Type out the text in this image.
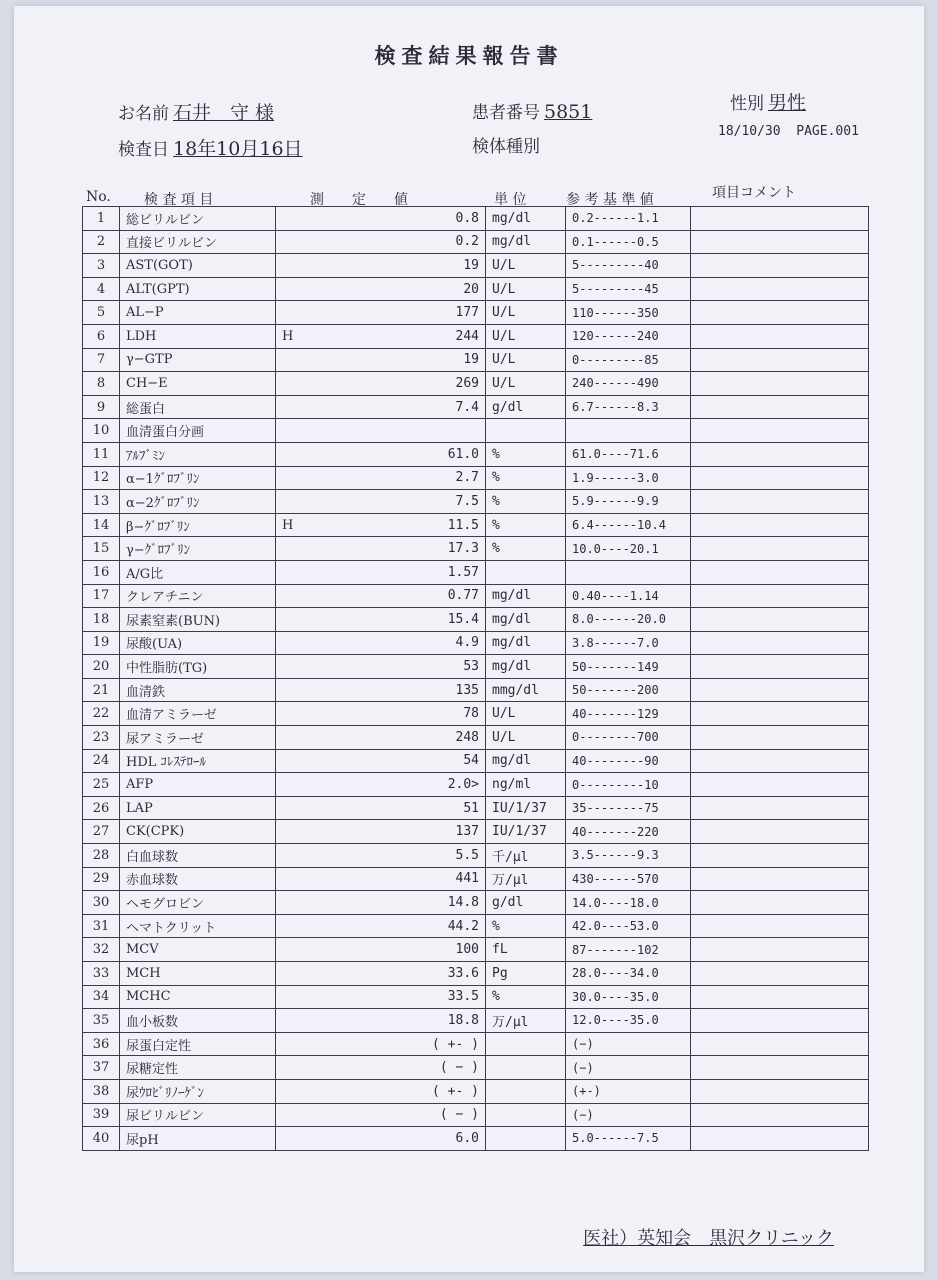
検査結果報告書
お名前 石井　守 様
検査日 18年10月16日
患者番号 5851
検体種別
性別 男性
18/10/30 PAGE.001
No. 検 査 項 目	測　　定　　値	単 位	参 考 基 準 値	項目コメント
1	総ビリルビン		0.8	mg/dl	0.2------1.1	
2	直接ビリルビン		0.2	mg/dl	0.1------0.5	
3	AST(GOT)		19	U/L	5---------40	
4	ALT(GPT)		20	U/L	5---------45	
5	AL−P		177	U/L	110------350	
6	LDH	H	244	U/L	120------240	
7	γ−GTP		19	U/L	0---------85	
8	CH−E		269	U/L	240------490	
9	総蛋白		7.4	g/dl	6.7------8.3	
10	血清蛋白分画					
11	ｱﾙﾌﾞﾐﾝ		61.0	%	61.0----71.6	
12	α−1ｸﾞﾛﾌﾞﾘﾝ		2.7	%	1.9------3.0	
13	α−2ｸﾞﾛﾌﾞﾘﾝ		7.5	%	5.9------9.9	
14	β−ｸﾞﾛﾌﾞﾘﾝ	H	11.5	%	6.4------10.4	
15	γ−ｸﾞﾛﾌﾞﾘﾝ		17.3	%	10.0----20.1	
16	A/G比		1.57			
17	クレアチニン		0.77	mg/dl	0.40----1.14	
18	尿素窒素(BUN)		15.4	mg/dl	8.0------20.0	
19	尿酸(UA)		4.9	mg/dl	3.8------7.0	
20	中性脂肪(TG)		53	mg/dl	50-------149	
21	血清鉄		135	mmg/dl	50-------200	
22	血清アミラーゼ		78	U/L	40-------129	
23	尿アミラーゼ		248	U/L	0--------700	
24	HDL ｺﾚｽﾃﾛｰﾙ		54	mg/dl	40--------90	
25	AFP		2.0>	ng/ml	0---------10	
26	LAP		51	IU/1/37	35--------75	
27	CK(CPK)		137	IU/1/37	40-------220	
28	白血球数		5.5	千/μl	3.5------9.3	
29	赤血球数		441	万/μl	430------570	
30	ヘモグロビン		14.8	g/dl	14.0----18.0	
31	ヘマトクリット		44.2	%	42.0----53.0	
32	MCV		100	fL	87-------102	
33	MCH		33.6	Pg	28.0----34.0	
34	MCHC		33.5	%	30.0----35.0	
35	血小板数		18.8	万/μl	12.0----35.0	
36	尿蛋白定性		( +- )		(−)	
37	尿糖定性		( − )		(−)	
38	尿ｳﾛﾋﾞﾘﾉｰｹﾞﾝ		( +- )		(+-)	
39	尿ビリルビン		( − )		(−)	
40	尿pH		6.0		5.0------7.5	
医社）英知会　黒沢クリニック
